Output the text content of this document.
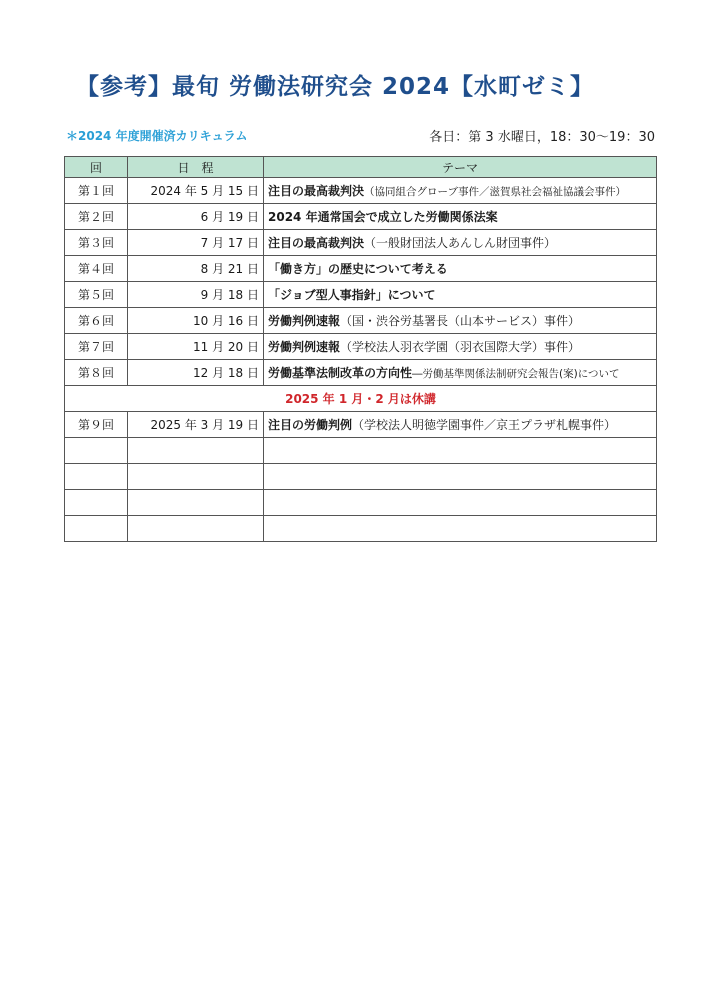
【参考】最旬 労働法研究会 2024【水町ゼミ】
＊2024 年度開催済カリキュラム	各日：第 3 水曜日，18：30〜19：30
回	日　程	テーマ
第１回	2024 年 5 月 15 日	注目の最高裁判決（協同組合グローブ事件／滋賀県社会福祉協議会事件）
第２回	6 月 19 日	2024 年通常国会で成立した労働関係法案
第３回	7 月 17 日	注目の最高裁判決（一般財団法人あんしん財団事件）
第４回	8 月 21 日	「働き方」の歴史について考える
第５回	9 月 18 日	「ジョブ型人事指針」について
第６回	10 月 16 日	労働判例速報（国・渋谷労基署長（山本サービス）事件）
第７回	11 月 20 日	労働判例速報（学校法人羽衣学園（羽衣国際大学）事件）
第８回	12 月 18 日	労働基準法制改革の方向性―労働基準関係法制研究会報告(案)について
2025 年 1 月・2 月は休講		
第９回	2025 年 3 月 19 日	注目の労働判例（学校法人明徳学園事件／京王プラザ札幌事件）
